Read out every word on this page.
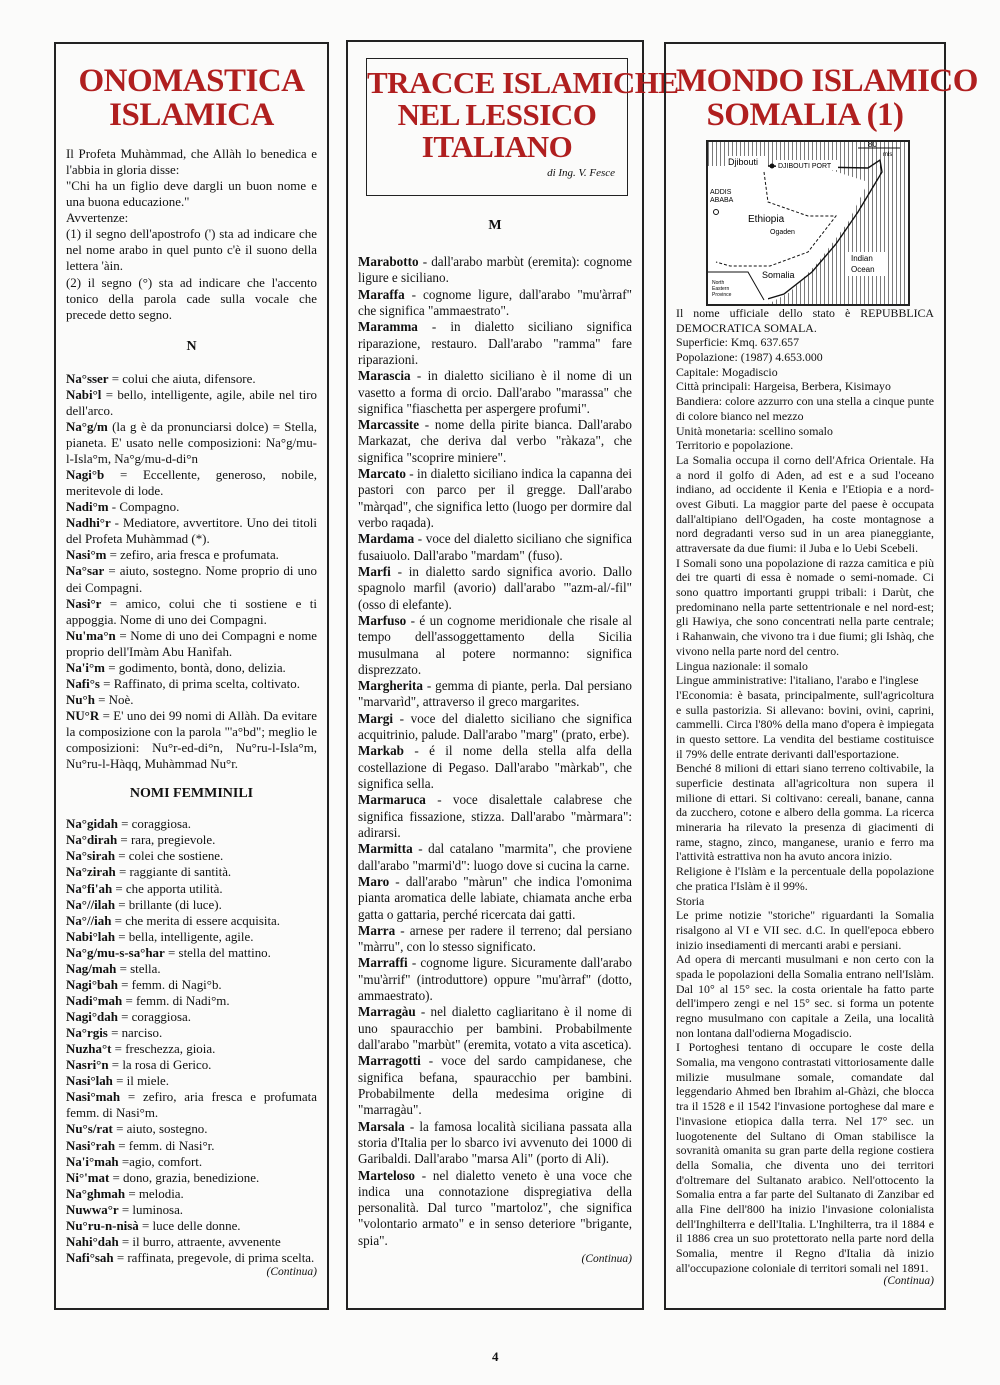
ONOMASTICA
ISLAMICA

Il Profeta Muhàmmad, che Allàh lo benedica e l'abbia in gloria disse:

"Chi ha un figlio deve dargli un buon nome e una buona educazione."

Avvertenze:

(1) il segno dell'apostrofo (') sta ad indicare che nel nome arabo in quel punto c'è il suono della lettera 'àin.

(2) il segno (°) sta ad indicare che l'accento tonico della parola cade sulla vocale che precede detto segno.

N

Na°sser = colui che aiuta, difensore.

Nabi°l = bello, intelligente, agile, abile nel tiro dell'arco.

Na°g/m (la g è da pronunciarsi dolce) = Stella, pianeta. E' usato nelle composizioni: Na°g/mu-l-Isla°m, Na°g/mu-d-di°n

Nagi°b = Eccellente, generoso, nobile, meritevole di lode.

Nadi°m - Compagno.

Nadhi°r - Mediatore, avvertitore. Uno dei titoli del Profeta Muhàmmad (*).

Nasi°m = zefiro, aria fresca e profumata.

Na°sar = aiuto, sostegno. Nome proprio di uno dei Compagni.

Nasi°r = amico, colui che ti sostiene e ti appoggia. Nome di uno dei Compagni.

Nu'ma°n = Nome di uno dei Compagni e nome proprio dell'Imàm Abu Hanìfah.

Na'i°m = godimento, bontà, dono, delizia.

Nafi°s = Raffinato, di prima scelta, coltivato.

Nu°h = Noè.

NU°R = E' uno dei 99 nomi di Allàh. Da evitare la composizione con la parola "'a°bd"; meglio le composizioni: Nu°r-ed-di°n, Nu°ru-l-Isla°m, Nu°ru-l-Hàqq, Muhàmmad Nu°r.

NOMI FEMMINILI

Na°gidah = coraggiosa.

Na°dirah = rara, pregievole.

Na°sirah = colei che sostiene.

Na°zirah = raggiante di santità.

Na°fi'ah = che apporta utilità.

Na°//ilah = brillante (di luce).

Na°//iah = che merita di essere acquisita.

Nabi°lah = bella, intelligente, agile.

Na°g/mu-s-sa°har = stella del mattino.

Nag/mah = stella.

Nagi°bah = femm. di Nagi°b.

Nadi°mah = femm. di Nadi°m.

Nagi°dah = coraggiosa.

Na°rgis = narciso.

Nuzha°t = freschezza, gioia.

Nasri°n = la rosa di Gerico.

Nasi°lah = il miele.

Nasi°mah = zefiro, aria fresca e profumata femm. di Nasi°m.

Nu°s/rat = aiuto, sostegno.

Nasi°rah = femm. di Nasi°r.

Na'i°mah =agio, comfort.

Ni°'mat = dono, grazia, benedizione.

Na°ghmah = melodia.

Nuwwa°r = luminosa.

Nu°ru-n-nisà = luce delle donne.

Nahi°dah = il burro, attraente, avvenente

Nafi°sah = raffinata, pregevole, di prima scelta.

(Continua)

TRACCE ISLAMICHE
NEL LESSICO
ITALIANO
di Ing. V. Fesce

M

Marabotto - dall'arabo marbùt (eremita): cognome ligure e siciliano.

Maraffa - cognome ligure, dall'arabo "mu'àrraf" che significa "ammaestrato".

Maramma - in dialetto siciliano significa riparazione, restauro. Dall'arabo "ramma" fare riparazioni.

Marascia - in dialetto siciliano è il nome di un vasetto a forma di orcio. Dall'arabo "marassa" che significa "fiaschetta per aspergere profumi".

Marcassite - nome della pirite bianca. Dall'arabo Markazat, che deriva dal verbo "ràkaza", che significa "scoprire miniere".

Marcato - in dialetto siciliano indica la capanna dei pastori con parco per il gregge. Dall'arabo "màrqad", che significa letto (luogo per dormire dal verbo raqada).

Mardama - voce del dialetto siciliano che significa fusaiuolo. Dall'arabo "mardam" (fuso).

Marfi - in dialetto sardo significa avorio. Dallo spagnolo marfil (avorio) dall'arabo "'azm-al/-fil" (osso di elefante).

Marfuso - é un cognome meridionale che risale al tempo dell'assoggettamento della Sicilia musulmana al potere normanno: significa disprezzato.

Margherita - gemma di piante, perla. Dal persiano "marvarìd", attraverso il greco margarites.

Margi - voce del dialetto siciliano che significa acquitrinio, palude. Dall'arabo "marg" (prato, erbe).

Markab - é il nome della stella alfa della costellazione di Pegaso. Dall'arabo "màrkab", che significa sella.

Marmaruca - voce disalettale calabrese che significa fissazione, stizza. Dall'arabo "màrmara": adirarsi.

Marmitta - dal catalano "marmita", che proviene dall'arabo "marmi'd": luogo dove si cucina la carne.

Maro - dall'arabo "màrun" che indica l'omonima pianta aromatica delle labiate, chiamata anche erba gatta o gattaria, perché ricercata dai gatti.

Marra - arnese per radere il terreno; dal persiano "màrru", con lo stesso significato.

Marraffi - cognome ligure. Sicuramente dall'arabo "mu'àrrif" (introduttore) oppure "mu'àrraf" (dotto, ammaestrato).

Marragàu - nel dialetto cagliaritano è il nome di uno spauracchio per bambini. Probabilmente dall'arabo "marbùt" (eremita, votato a vita ascetica).

Marragotti - voce del sardo campidanese, che significa befana, spauracchio per bambini. Probabilmente della medesima origine di "marragàu".

Marsala - la famosa località siciliana passata alla storia d'Italia per lo sbarco ivi avvenuto dei 1000 di Garibaldi. Dall'arabo "marsa Ali" (porto di Ali).

Marteloso - nel dialetto veneto è una voce che indica una connotazione dispregiativa della personalità. Dal turco "martoloz", che significa "volontario armato" e in senso deteriore "brigante, spia".

(Continua)

MONDO ISLAMICO
SOMALIA (1)
80
mls
Djibouti	DJIBOUTI PORT
ADDIS
ABABA
Ethiopia
Ogaden
Indian
Ocean
Somalia
North
Eastern
Province

Il nome ufficiale dello stato è REPUBBLICA DEMOCRATICA SOMALA.

Superficie: Kmq. 637.657

Popolazione: (1987) 4.653.000

Capitale: Mogadiscio

Città principali: Hargeisa, Berbera, Kisimayo

Bandiera: colore azzurro con una stella a cinque punte di colore bianco nel mezzo

Unità monetaria: scellino somalo

Territorio e popolazione.

La Somalia occupa il corno dell'Africa Orientale. Ha a nord il golfo di Aden, ad est e a sud l'oceano indiano, ad occidente il Kenia e l'Etiopia e a nord-ovest Gibuti. La maggior parte del paese è occupata dall'altipiano dell'Ogaden, ha coste montagnose a nord degradanti verso sud in un area pianeggiante, attraversate da due fiumi: il Juba e lo Uebi Scebeli.

I Somali sono una popolazione di razza camitica e più dei tre quarti di essa è nomade o semi-nomade. Ci sono quattro importanti gruppi tribali: i Darùt, che predominano nella parte settentrionale e nel nord-est; gli Hawiya, che sono concentrati nella parte centrale; i Rahanwain, che vivono tra i due fiumi; gli Ishàq, che vivono nella parte nord del centro.

Lingua nazionale: il somalo

Lingue amministrative: l'italiano, l'arabo e l'inglese

l'Economia: è basata, principalmente, sull'agricoltura e sulla pastorizia. Si allevano: bovini, ovini, caprini, cammelli. Circa l'80% della mano d'opera è impiegata in questo settore. La vendita del bestiame costituisce il 79% delle entrate derivanti dall'esportazione.

Benché 8 milioni di ettari siano terreno coltivabile, la superficie destinata all'agricoltura non supera il milione di ettari. Si coltivano: cereali, banane, canna da zucchero, cotone e albero della gomma. La ricerca mineraria ha rilevato la presenza di giacimenti di rame, stagno, zinco, manganese, uranio e ferro ma l'attività estrattiva non ha avuto ancora inizio.

Religione è l'Islàm e la percentuale della popolazione che pratica l'Islàm è il 99%.

Storia

Le prime notizie "storiche" riguardanti la Somalia risalgono al VI e VII sec. d.C. In quell'epoca ebbero inizio insediamenti di mercanti arabi e persiani.

Ad opera di mercanti musulmani e non certo con la spada le popolazioni della Somalia entrano nell'Islàm. Dal 10° al 15° sec. la costa orientale ha fatto parte dell'impero zengi e nel 15° sec. si forma un potente regno musulmano con capitale a Zeila, una località non lontana dall'odierna Mogadiscio.

I Portoghesi tentano di occupare le coste della Somalia, ma vengono contrastati vittoriosamente dalle milizie musulmane somale, comandate dal leggendario Ahmed ben Ibrahim al-Ghàzi, che blocca tra il 1528 e il 1542 l'invasione portoghese dal mare e l'invasione etiopica dalla terra. Nel 17° sec. un luogotenente del Sultano di Oman stabilisce la sovranità omanita su gran parte della regione costiera della Somalia, che diventa uno dei territori d'oltremare del Sultanato arabico. Nell'ottocento la Somalia entra a far parte del Sultanato di Zanzibar ed alla Fine dell'800 ha inizio l'invasione colonialista dell'Inghilterra e dell'Italia. L'Inghilterra, tra il 1884 e il 1886 crea un suo protettorato nella parte nord della Somalia, mentre il Regno d'Italia dà inizio all'occupazione coloniale di territori somali nel 1891.

(Continua)

4
